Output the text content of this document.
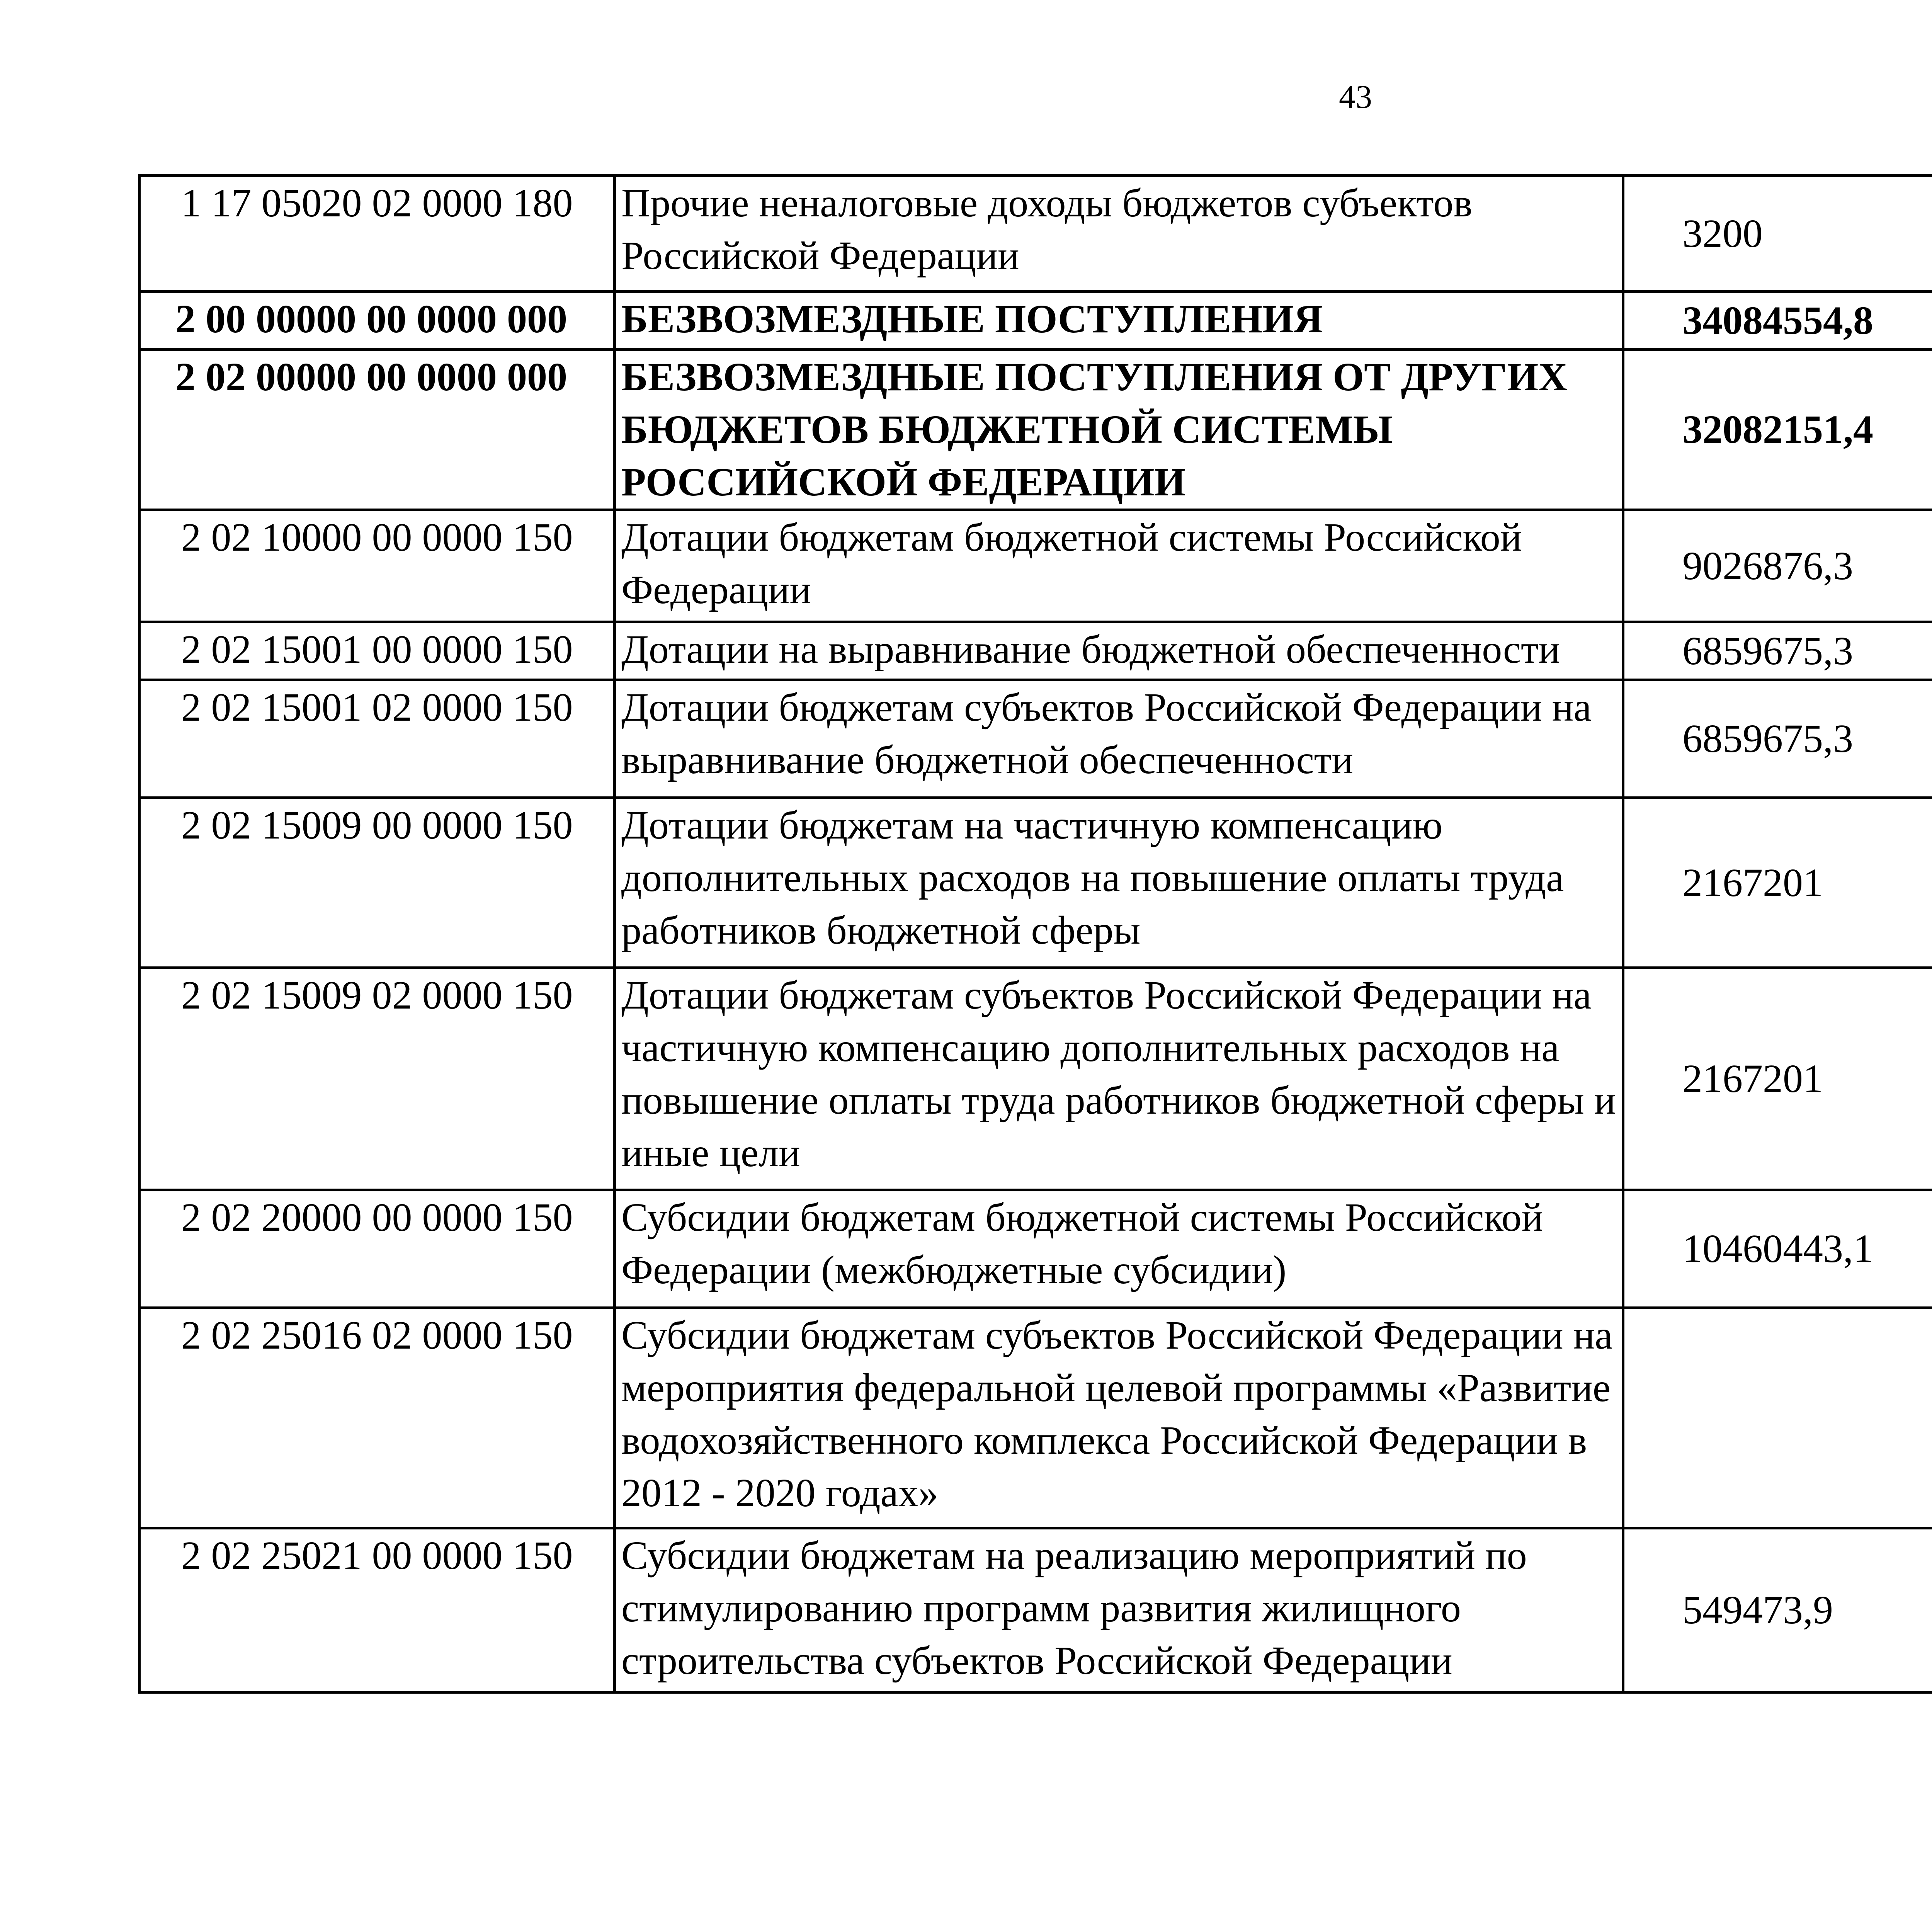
43
1 17 05020 02 0000 180	Прочие неналоговые доходы бюджетов субъектов Российской Федерации	3200		
2 00 00000 00 0000 000	БЕЗВОЗМЕЗДНЫЕ ПОСТУПЛЕНИЯ	34084554,8		
2 02 00000 00 0000 000	БЕЗВОЗМЕЗДНЫЕ ПОСТУПЛЕНИЯ ОТ ДРУГИХ БЮДЖЕТОВ БЮДЖЕТНОЙ СИСТЕМЫ РОССИЙСКОЙ ФЕДЕРАЦИИ	32082151,4		
2 02 10000 00 0000 150	Дотации бюджетам бюджетной системы Российской Федерации	9026876,3		
2 02 15001 00 0000 150	Дотации на выравнивание бюджетной обеспеченности	6859675,3		
2 02 15001 02 0000 150	Дотации бюджетам субъектов Российской Федерации на выравнивание бюджетной обеспеченности	6859675,3		
2 02 15009 00 0000 150	Дотации бюджетам на частичную компенсацию дополнительных расходов на повышение оплаты труда работников бюджетной сферы	2167201		
2 02 15009 02 0000 150	Дотации бюджетам субъектов Российской Федерации на частичную компенсацию дополнительных расходов на повышение оплаты труда работников бюджетной сферы и иные цели	2167201		
2 02 20000 00 0000 150	Субсидии бюджетам бюджетной системы Российской Федерации (межбюджетные субсидии)	10460443,1		
2 02 25016 02 0000 150	Субсидии бюджетам субъектов Российской Федерации на мероприятия федеральной целевой программы «Развитие водохозяйственного комплекса Российской Федерации в 2012 - 2020 годах»			
2 02 25021 00 0000 150	Субсидии бюджетам на реализацию мероприятий по стимулированию программ развития жилищного строительства субъектов Российской Федерации	549473,9		
